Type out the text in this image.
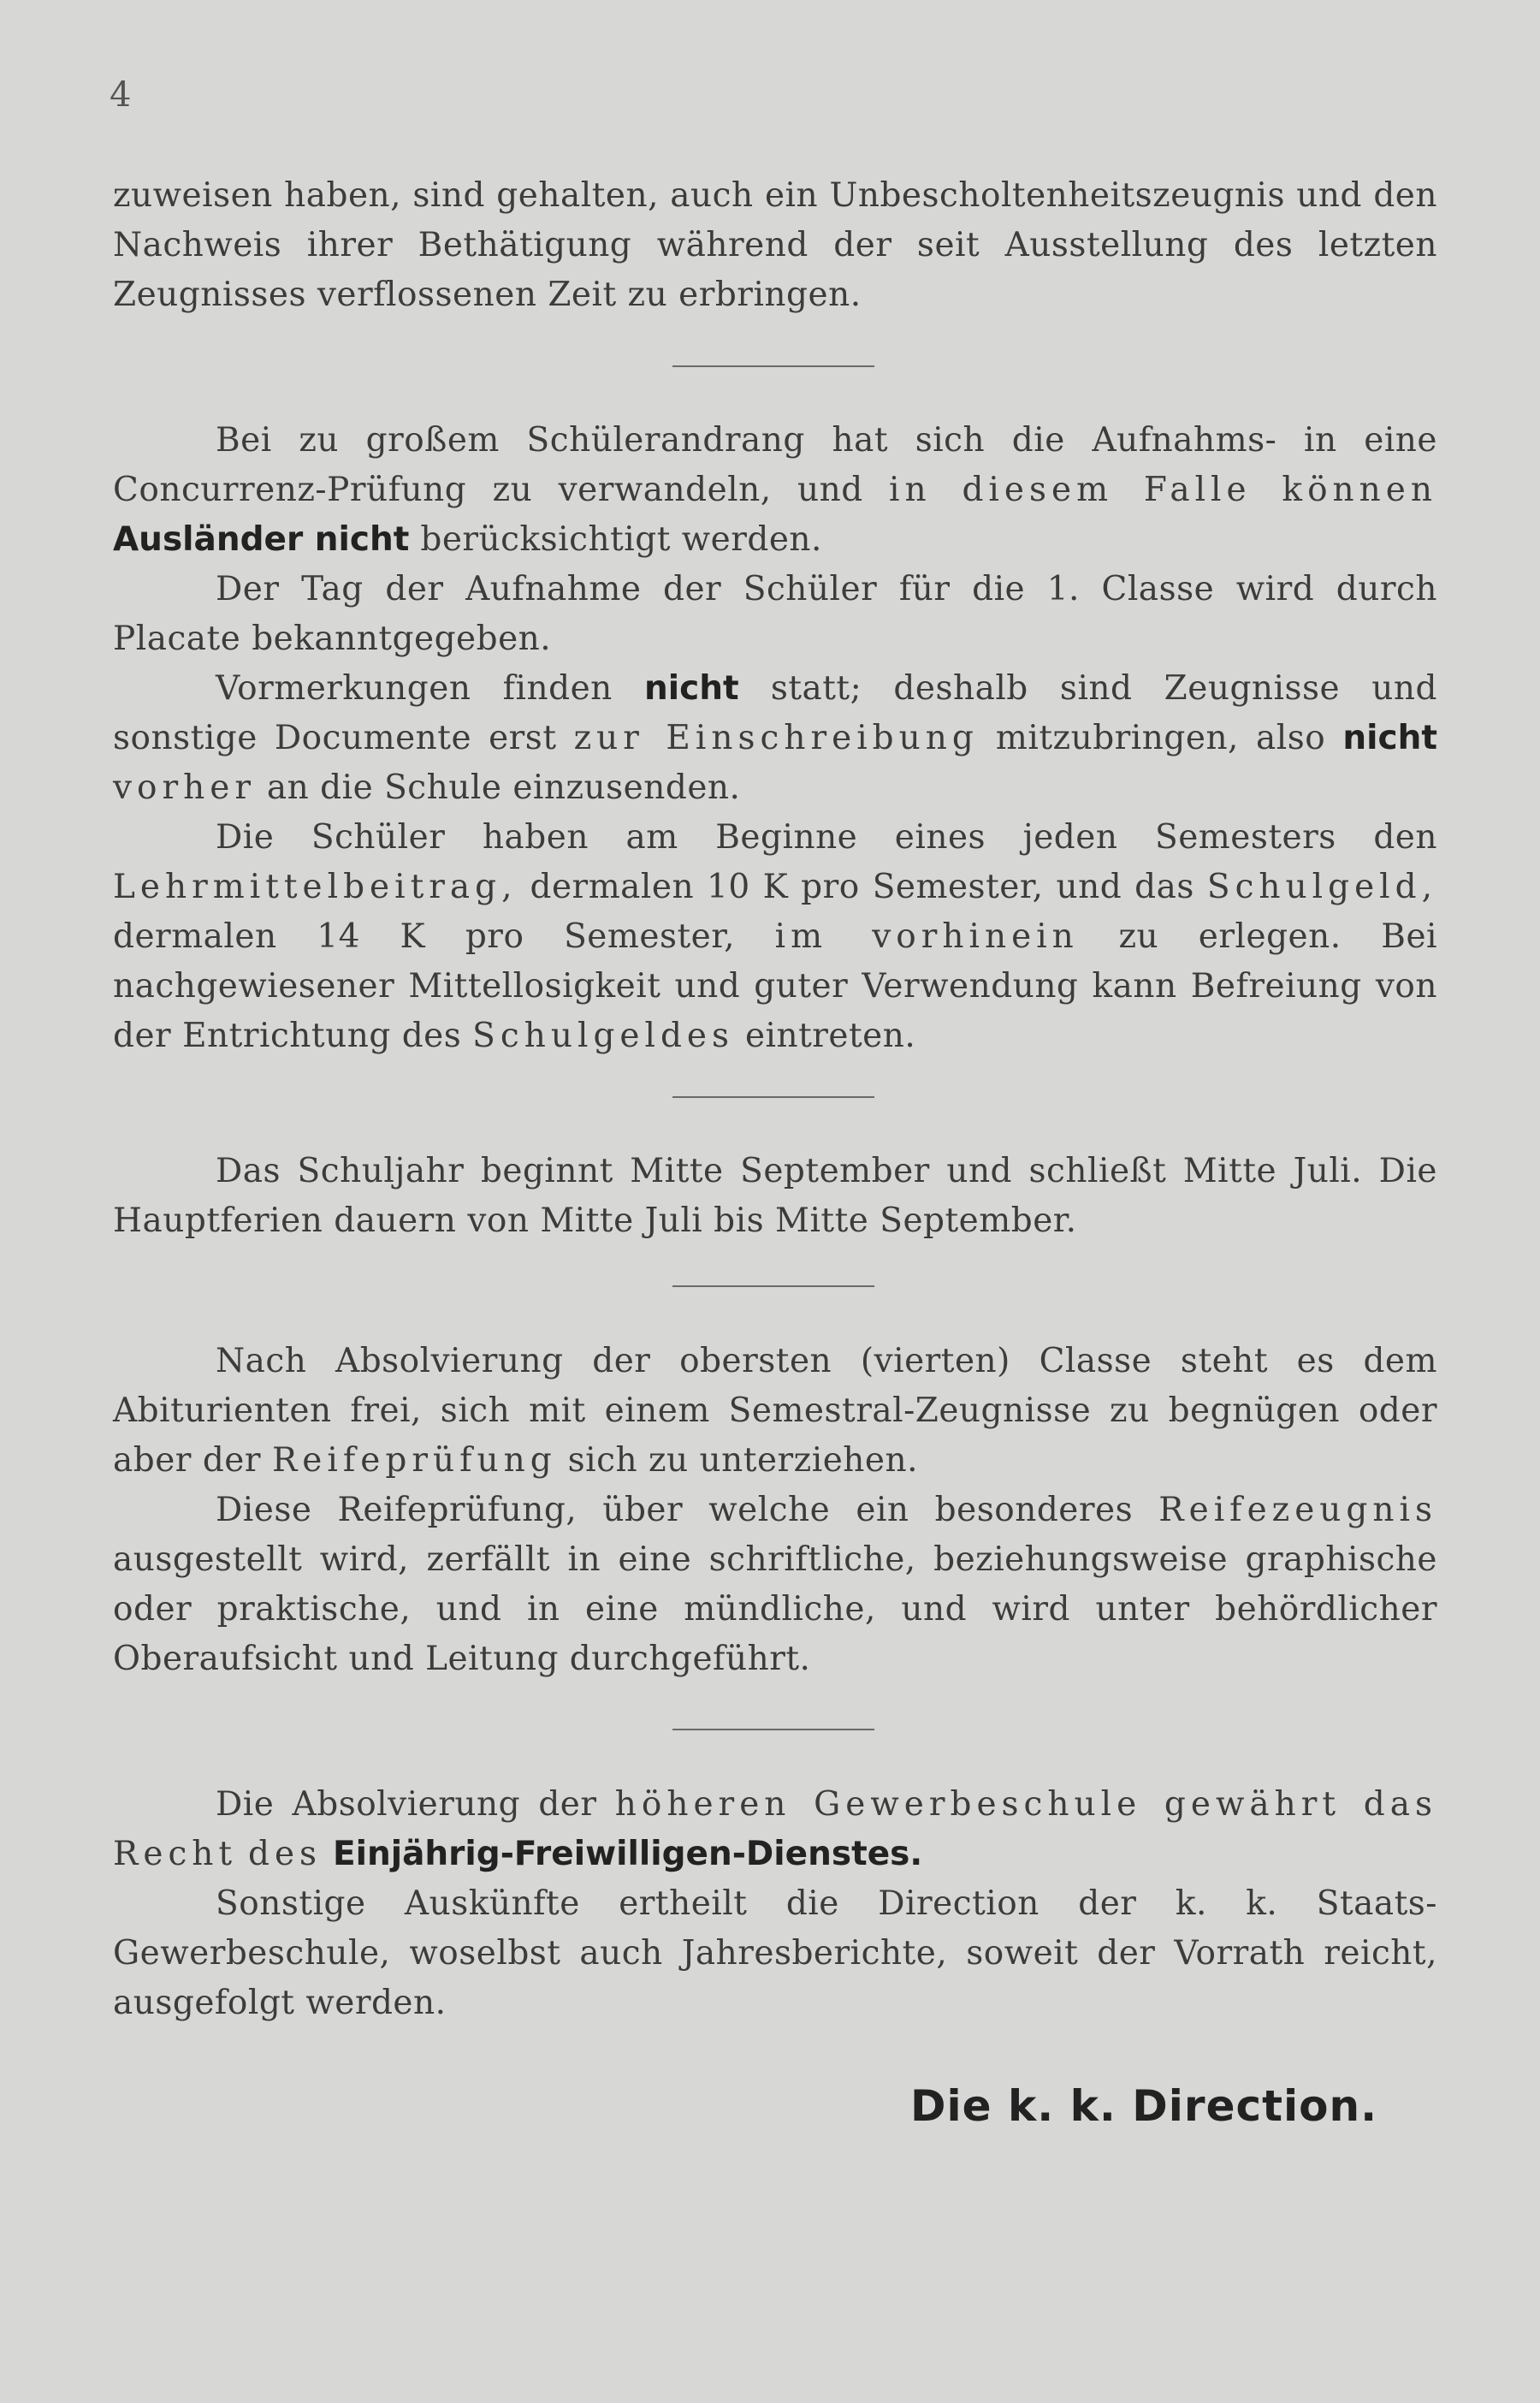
4

zuweisen haben, sind gehalten, auch ein Unbescholtenheitszeugnis und den Nachweis ihrer Bethätigung während der seit Ausstellung des letzten Zeugnisses verflossenen Zeit zu erbringen.

Bei zu großem Schülerandrang hat sich die Aufnahms- in eine Concurrenz-Prüfung zu verwandeln, und in diesem Falle können Ausländer nicht berücksichtigt werden.

Der Tag der Aufnahme der Schüler für die 1. Classe wird durch Placate bekanntgegeben.

Vormerkungen finden nicht statt; deshalb sind Zeugnisse und sonstige Documente erst zur Einschreibung mitzubringen, also nicht vorher an die Schule einzusenden.

Die Schüler haben am Beginne eines jeden Semesters den Lehrmittelbeitrag, dermalen 10 K pro Semester, und das Schulgeld, dermalen 14 K pro Semester, im vorhinein zu erlegen. Bei nachgewiesener Mittellosigkeit und guter Verwendung kann Befreiung von der Entrichtung des Schulgeldes eintreten.

Das Schuljahr beginnt Mitte September und schließt Mitte Juli. Die Hauptferien dauern von Mitte Juli bis Mitte September.

Nach Absolvierung der obersten (vierten) Classe steht es dem Abiturienten frei, sich mit einem Semestral-Zeugnisse zu begnügen oder aber der Reifeprüfung sich zu unterziehen.

Diese Reifeprüfung, über welche ein besonderes Reifezeugnis ausgestellt wird, zerfällt in eine schriftliche, beziehungsweise graphische oder praktische, und in eine mündliche, und wird unter behördlicher Oberaufsicht und Leitung durchgeführt.

Die Absolvierung der höheren Gewerbeschule gewährt das Recht des Einjährig-Freiwilligen-Dienstes.

Sonstige Auskünfte ertheilt die Direction der k. k. Staats-Gewerbeschule, woselbst auch Jahresberichte, soweit der Vorrath reicht, ausgefolgt werden.

Die k. k. Direction.
